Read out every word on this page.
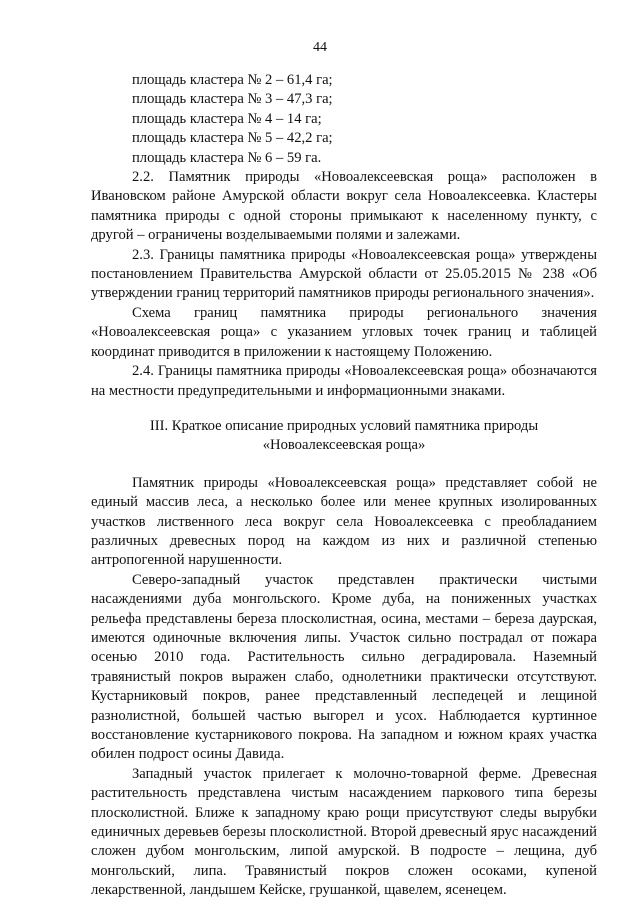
44
площадь кластера № 2 – 61,4 га;
площадь кластера № 3 – 47,3 га;
площадь кластера № 4 – 14 га;
площадь кластера № 5 – 42,2 га;
площадь кластера № 6 – 59 га.

2.2. Памятник природы «Новоалексеевская роща» расположен в Ивановском районе Амурской области вокруг села Новоалексеевка. Кластеры памятника природы с одной стороны примыкают к населенному пункту, с другой – ограничены возделываемыми полями и залежами.

2.3. Границы памятника природы «Новоалексеевская роща» утверждены постановлением Правительства Амурской области от 25.05.2015 № 238 «Об утверждении границ территорий памятников природы регионального значения».

Схема границ памятника природы регионального значения «Новоалексеевская роща» с указанием угловых точек границ и таблицей координат приводится в приложении к настоящему Положению.

2.4. Границы памятника природы «Новоалексеевская роща» обозначаются на местности предупредительными и информационными знаками.

III. Краткое описание природных условий памятника природы

«Новоалексеевская роща»

Памятник природы «Новоалексеевская роща» представляет собой не единый массив леса, а несколько более или менее крупных изолированных участков лиственного леса вокруг села Новоалексеевка с преобладанием различных древесных пород на каждом из них и различной степенью антропогенной нарушенности.

Северо-западный участок представлен практически чистыми насаждениями дуба монгольского. Кроме дуба, на пониженных участках рельефа представлены береза плосколистная, осина, местами – береза даурская, имеются одиночные включения липы. Участок сильно пострадал от пожара осенью 2010 года. Растительность сильно деградировала. Наземный травянистый покров выражен слабо, однолетники практически отсутствуют. Кустарниковый покров, ранее представленный леспедецей и лещиной разнолистной, большей частью выгорел и усох. Наблюдается куртинное восстановление кустарникового покрова. На западном и южном краях участка обилен подрост осины Давида.

Западный участок прилегает к молочно-товарной ферме. Древесная растительность представлена чистым насаждением паркового типа березы плосколистной. Ближе к западному краю рощи присутствуют следы вырубки единичных деревьев березы плосколистной. Второй древесный ярус насаждений сложен дубом монгольским, липой амурской. В подросте – лещина, дуб монгольский, липа. Травянистый покров сложен осоками, купеной лекарственной, ландышем Кейске, грушанкой, щавелем, ясенецем.
